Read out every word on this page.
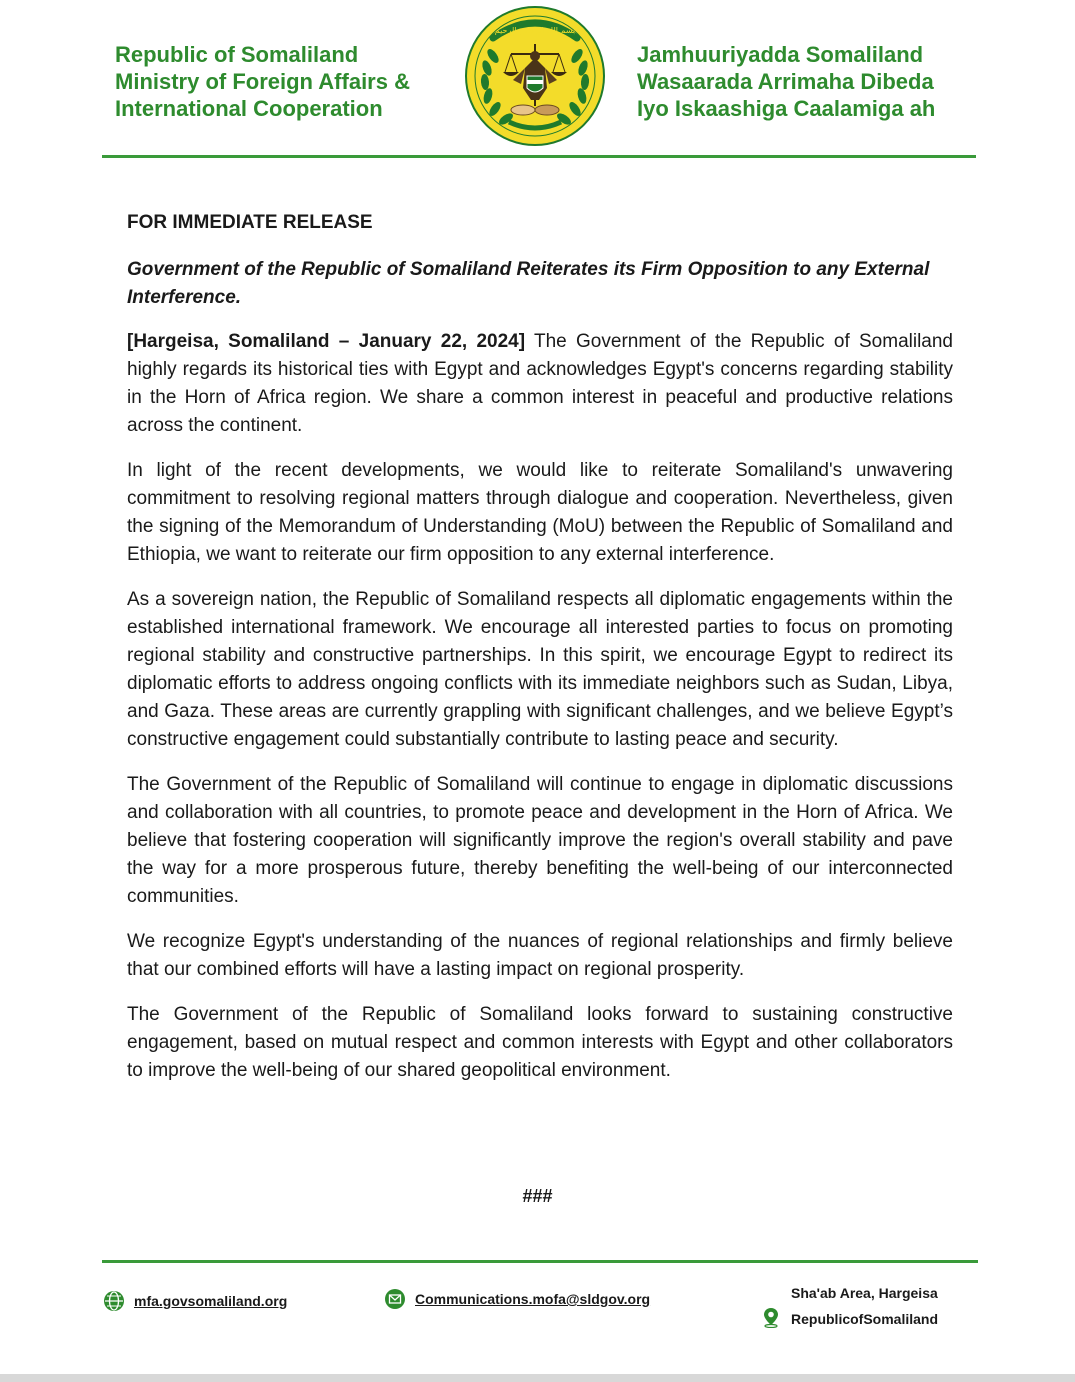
Republic of Somaliland
Ministry of Foreign Affairs &
International Cooperation
بسم الله الرحمن الرحيم
Jamhuuriyadda Somaliland
Wasaarada Arrimaha Dibeda
Iyo Iskaashiga Caalamiga ah

FOR IMMEDIATE RELEASE

Government of the Republic of Somaliland Reiterates its Firm Opposition to any External Interference.

[Hargeisa, Somaliland – January 22, 2024] The Government of the Republic of Somaliland highly regards its historical ties with Egypt and acknowledges Egypt's concerns regarding stability in the Horn of Africa region. We share a common interest in peaceful and productive relations across the continent.

In light of the recent developments, we would like to reiterate Somaliland's unwavering commitment to resolving regional matters through dialogue and cooperation. Nevertheless, given the signing of the Memorandum of Understanding (MoU) between the Republic of Somaliland and Ethiopia, we want to reiterate our firm opposition to any external interference.

As a sovereign nation, the Republic of Somaliland respects all diplomatic engagements within the established international framework. We encourage all interested parties to focus on promoting regional stability and constructive partnerships. In this spirit, we encourage Egypt to redirect its diplomatic efforts to address ongoing conflicts with its immediate neighbors such as Sudan, Libya, and Gaza. These areas are currently grappling with significant challenges, and we believe Egypt’s constructive engagement could substantially contribute to lasting peace and security.

The Government of the Republic of Somaliland will continue to engage in diplomatic discussions and collaboration with all countries, to promote peace and development in the Horn of Africa. We believe that fostering cooperation will significantly improve the region's overall stability and pave the way for a more prosperous future, thereby benefiting the well-being of our interconnected communities.

We recognize Egypt's understanding of the nuances of regional relationships and firmly believe that our combined efforts will have a lasting impact on regional prosperity.

The Government of the Republic of Somaliland looks forward to sustaining constructive engagement, based on mutual respect and common interests with Egypt and other collaborators to improve the well-being of our shared geopolitical environment.

###
mfa.govsomaliland.org	Communications.mofa@sldgov.org	Sha'ab Area, Hargeisa
RepublicofSomaliland
